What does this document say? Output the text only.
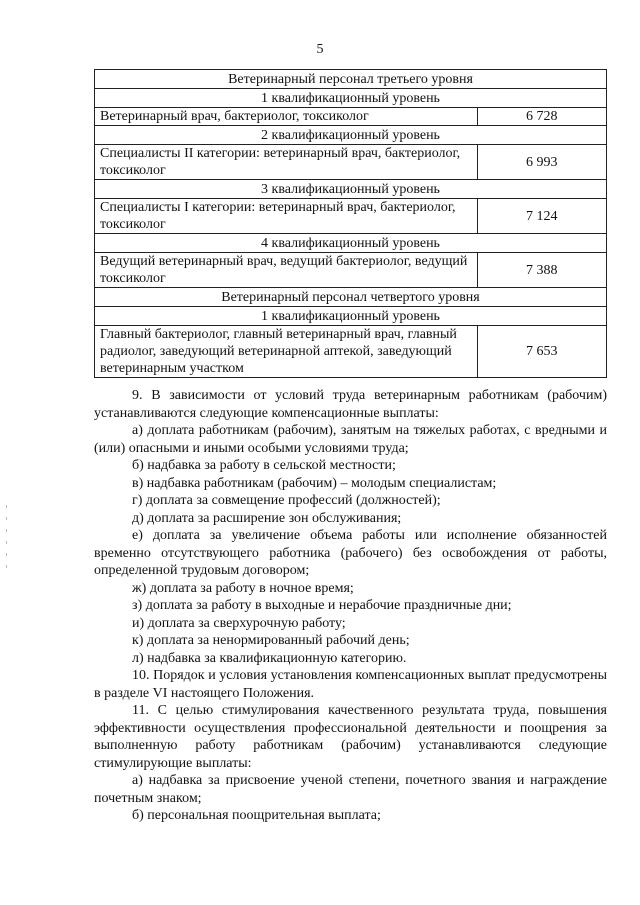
5
Ветеринарный персонал третьего уровня	
1 квалификационный уровень	
Ветеринарный врач, бактериолог, токсиколог	6 728
2 квалификационный уровень	
Специалисты II категории: ветеринарный врач, бактериолог, токсиколог	6 993
3 квалификационный уровень	
Специалисты I категории: ветеринарный врач, бактериолог, токсиколог	7 124
4 квалификационный уровень	
Ведущий ветеринарный врач, ведущий бактериолог, ведущий токсиколог	7 388
Ветеринарный персонал четвертого уровня	
1 квалификационный уровень	
Главный бактериолог, главный ветеринарный врач, главный радиолог, заведующий ветеринарной аптекой, заведующий ветеринарным участком	7 653

9. В зависимости от условий труда ветеринарным работникам (рабочим) устанавливаются следующие компенсационные выплаты:

а) доплата работникам (рабочим), занятым на тяжелых работах, с вредными и (или) опасными и иными особыми условиями труда;

б) надбавка за работу в сельской местности;

в) надбавка работникам (рабочим) – молодым специалистам;

г) доплата за совмещение профессий (должностей);

д) доплата за расширение зон обслуживания;

е) доплата за увеличение объема работы или исполнение обязанностей временно отсутствующего работника (рабочего) без освобождения от работы, определенной трудовым договором;

ж) доплата за работу в ночное время;

з) доплата за работу в выходные и нерабочие праздничные дни;

и) доплата за сверхурочную работу;

к) доплата за ненормированный рабочий день;

л) надбавка за квалификационную категорию.

10. Порядок и условия установления компенсационных выплат предусмотрены в разделе VI настоящего Положения.

11. С целью стимулирования качественного результата труда, повышения эффективности осуществления профессиональной деятельности и поощрения за выполненную работу работникам (рабочим) устанавливаются следующие стимулирующие выплаты:

а) надбавка за присвоение ученой степени, почетного звания и награждение почетным знаком;

б) персональная поощрительная выплата;
